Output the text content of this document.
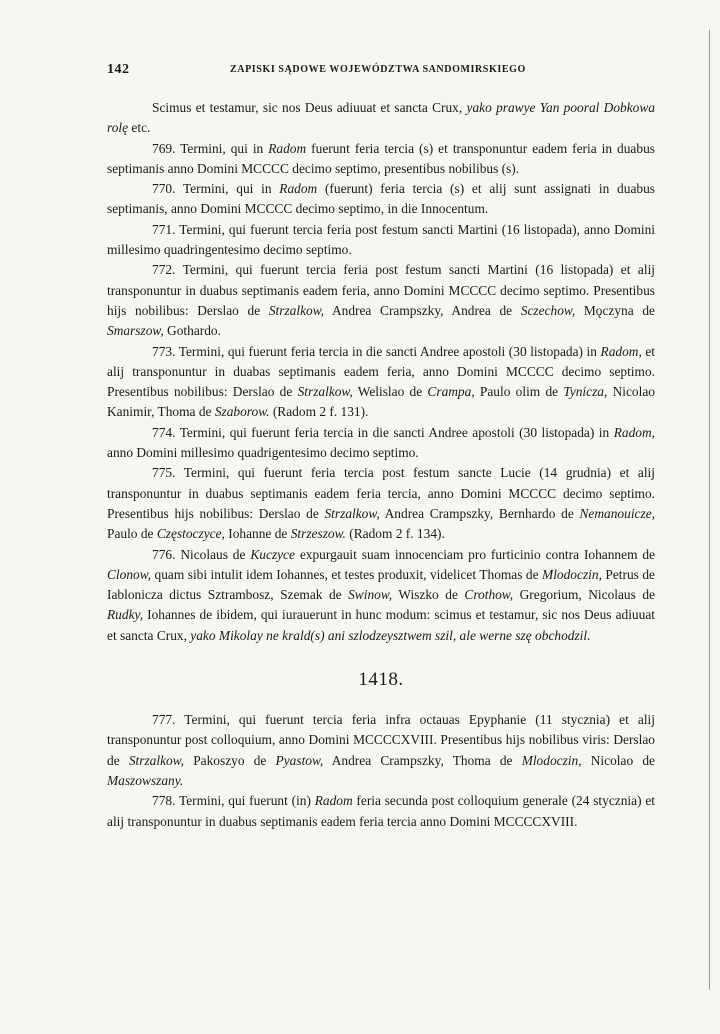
142	ZAPISKI SĄDOWE WOJEWÓDZTWA SANDOMIRSKIEGO

Scimus et testamur, sic nos Deus adiuuat et sancta Crux, yako prawye Yan pooral Dobkowa rolę etc.

769. Termini, qui in Radom fuerunt feria tercia (s) et transponuntur eadem feria in duabus septimanis anno Domini MCCCC decimo septimo, presentibus nobilibus (s).

770. Termini, qui in Radom (fuerunt) feria tercia (s) et alij sunt assignati in duabus septimanis, anno Domini MCCCC decimo septimo, in die Innocentum.

771. Termini, qui fuerunt tercia feria post festum sancti Martini (16 listopada), anno Domini millesimo quadringentesimo decimo septimo.

772. Termini, qui fuerunt tercia feria post festum sancti Martini (16 listopada) et alij transponuntur in duabus septimanis eadem feria, anno Domini MCCCC decimo septimo. Presentibus hijs nobilibus: Derslao de Strzalkow, Andrea Crampszky, Andrea de Sczechow, Mǫczyna de Smarszow, Gothardo.

773. Termini, qui fuerunt feria tercia in die sancti Andree apostoli (30 listopada) in Radom, et alij transponuntur in duabas septimanis eadem feria, anno Domini MCCCC decimo septimo. Presentibus nobilibus: Derslao de Strzalkow, Welislao de Crampa, Paulo olim de Tynicza, Nicolao Kanimir, Thoma de Szaborow. (Radom 2 f. 131).

774. Termini, qui fuerunt feria tercia in die sancti Andree apostoli (30 listopada) in Radom, anno Domini millesimo quadrigentesimo decimo septimo.

775. Termini, qui fuerunt feria tercia post festum sancte Lucie (14 grudnia) et alij transponuntur in duabus septimanis eadem feria tercia, anno Domini MCCCC decimo septimo. Presentibus hijs nobilibus: Derslao de Strzalkow, Andrea Crampszky, Bernhardo de Nemanouicze, Paulo de Częstoczyce, Iohanne de Strzeszow. (Radom 2 f. 134).

776. Nicolaus de Kuczyce expurgauit suam innocenciam pro furticinio contra Iohannem de Clonow, quam sibi intulit idem Iohannes, et testes produxit, videlicet Thomas de Mlodoczin, Petrus de Iablonicza dictus Sztrambosz, Szemak de Swinow, Wiszko de Crothow, Gregorium, Nicolaus de Rudky, Iohannes de ibidem, qui iurauerunt in hunc modum: scimus et testamur, sic nos Deus adiuuat et sancta Crux, yako Mikolay ne krald(s) ani szlodzeysztwem szil, ale werne szę obchodzil.

1418.

777. Termini, qui fuerunt tercia feria infra octauas Epyphanie (11 stycznia) et alij transponuntur post colloquium, anno Domini MCCCCXVIII. Presentibus hijs nobilibus viris: Derslao de Strzalkow, Pakoszyo de Pyastow, Andrea Crampszky, Thoma de Mlodoczin, Nicolao de Maszowszany.

778. Termini, qui fuerunt (in) Radom feria secunda post colloquium generale (24 stycznia) et alij transponuntur in duabus septimanis eadem feria tercia anno Domini MCCCCXVIII.
